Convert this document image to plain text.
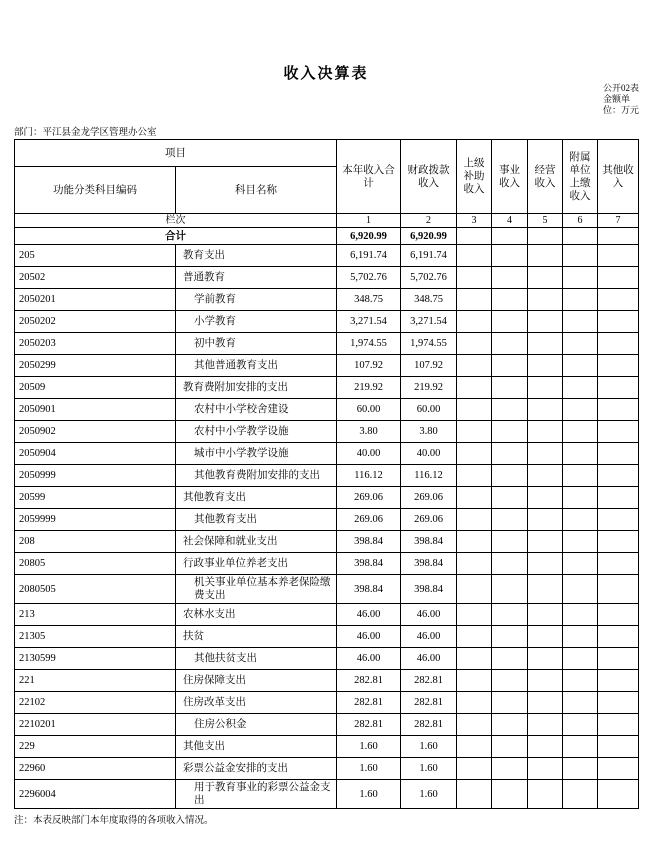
收入决算表
公开02表
金额单位：万元
部门：平江县金龙学区管理办公室
项目		本年收入合计	财政拨款收入	上级补助收入	事业收入	经营收入	附属单位上缴收入	其他收入
功能分类科目编码	科目名称							
栏次		1	2	3	4	5	6	7
合计		6,920.99	6,920.99					
205	教育支出	6,191.74	6,191.74					
20502	普通教育	5,702.76	5,702.76					
2050201	学前教育	348.75	348.75					
2050202	小学教育	3,271.54	3,271.54					
2050203	初中教育	1,974.55	1,974.55					
2050299	其他普通教育支出	107.92	107.92					
20509	教育费附加安排的支出	219.92	219.92					
2050901	农村中小学校舍建设	60.00	60.00					
2050902	农村中小学教学设施	3.80	3.80					
2050904	城市中小学教学设施	40.00	40.00					
2050999	其他教育费附加安排的支出	116.12	116.12					
20599	其他教育支出	269.06	269.06					
2059999	其他教育支出	269.06	269.06					
208	社会保障和就业支出	398.84	398.84					
20805	行政事业单位养老支出	398.84	398.84					
2080505	机关事业单位基本养老保险缴费支出	398.84	398.84					
213	农林水支出	46.00	46.00					
21305	扶贫	46.00	46.00					
2130599	其他扶贫支出	46.00	46.00					
221	住房保障支出	282.81	282.81					
22102	住房改革支出	282.81	282.81					
2210201	住房公积金	282.81	282.81					
229	其他支出	1.60	1.60					
22960	彩票公益金安排的支出	1.60	1.60					
2296004	用于教育事业的彩票公益金支出	1.60	1.60					
注：本表反映部门本年度取得的各项收入情况。
